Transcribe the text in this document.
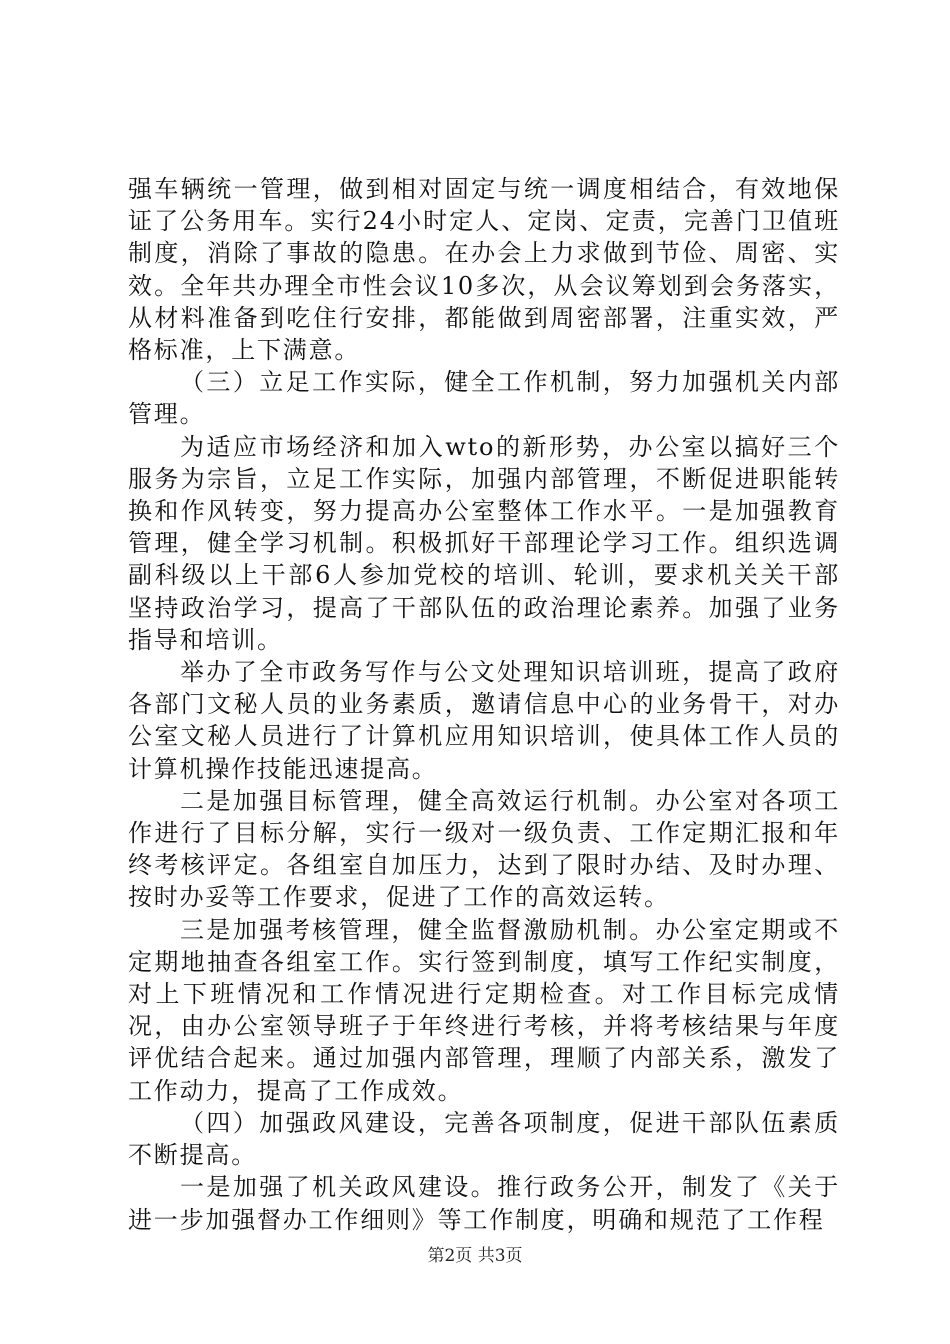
强车辆统一管理，做到相对固定与统一调度相结合，有效地保证了公务用车。实行24小时定人、定岗、定责，完善门卫值班制度，消除了事故的隐患。在办会上力求做到节俭、周密、实效。全年共办理全市性会议10多次，从会议筹划到会务落实，从材料准备到吃住行安排，都能做到周密部署，注重实效，严格标准，上下满意。

（三）立足工作实际，健全工作机制，努力加强机关内部管理。

为适应市场经济和加入wto的新形势，办公室以搞好三个服务为宗旨，立足工作实际，加强内部管理，不断促进职能转换和作风转变，努力提高办公室整体工作水平。一是加强教育管理，健全学习机制。积极抓好干部理论学习工作。组织选调副科级以上干部6人参加党校的培训、轮训，要求机关关干部坚持政治学习，提高了干部队伍的政治理论素养。加强了业务指导和培训。

举办了全市政务写作与公文处理知识培训班，提高了政府各部门文秘人员的业务素质，邀请信息中心的业务骨干，对办公室文秘人员进行了计算机应用知识培训，使具体工作人员的计算机操作技能迅速提高。

二是加强目标管理，健全高效运行机制。办公室对各项工作进行了目标分解，实行一级对一级负责、工作定期汇报和年终考核评定。各组室自加压力，达到了限时办结、及时办理、按时办妥等工作要求，促进了工作的高效运转。

三是加强考核管理，健全监督激励机制。办公室定期或不定期地抽查各组室工作。实行签到制度，填写工作纪实制度，对上下班情况和工作情况进行定期检查。对工作目标完成情况，由办公室领导班子于年终进行考核，并将考核结果与年度评优结合起来。通过加强内部管理，理顺了内部关系，激发了工作动力，提高了工作成效。

（四）加强政风建设，完善各项制度，促进干部队伍素质不断提高。

一是加强了机关政风建设。推行政务公开，制发了《关于进一步加强督办工作细则》等工作制度，明确和规范了工作程

第2页 共3页
